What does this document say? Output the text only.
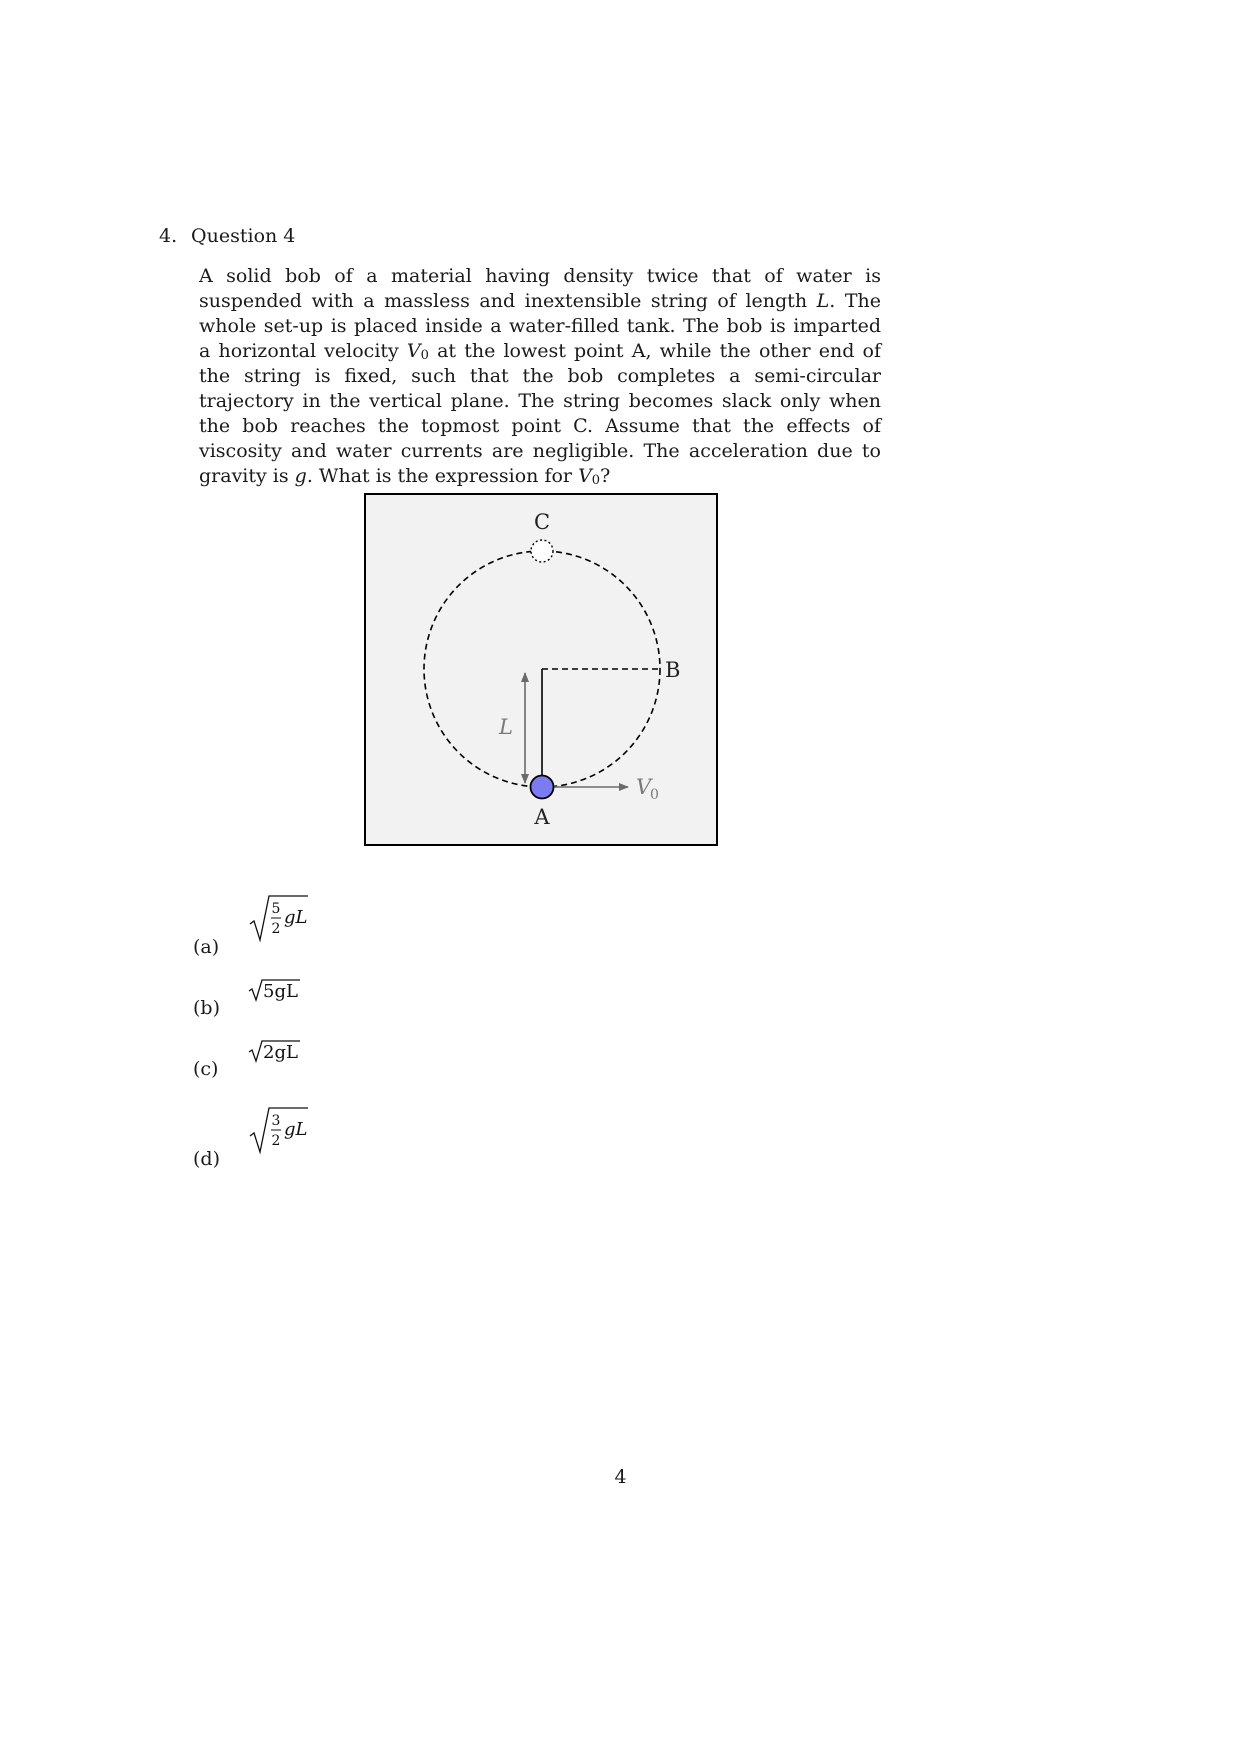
4. Question 4

A solid bob of a material having density twice that of water is suspended with a massless and inextensible string of length L. The whole set-up is placed inside a water-filled tank. The bob is imparted a horizontal velocity $V_0$ at the lowest point A, while the other end of the string is fixed, such that the bob completes a semi-circular trajectory in the vertical plane. The string becomes slack only when the bob reaches the topmost point C. Assume that the effects of viscosity and water currents are negligible. The acceleration due to gravity is g. What is the expression for $V_0$?

C
B
A
L
V
0
(a)
5
2
gL
(b)
5gL
(c)
2gL
(d)
3
2
gL
4
